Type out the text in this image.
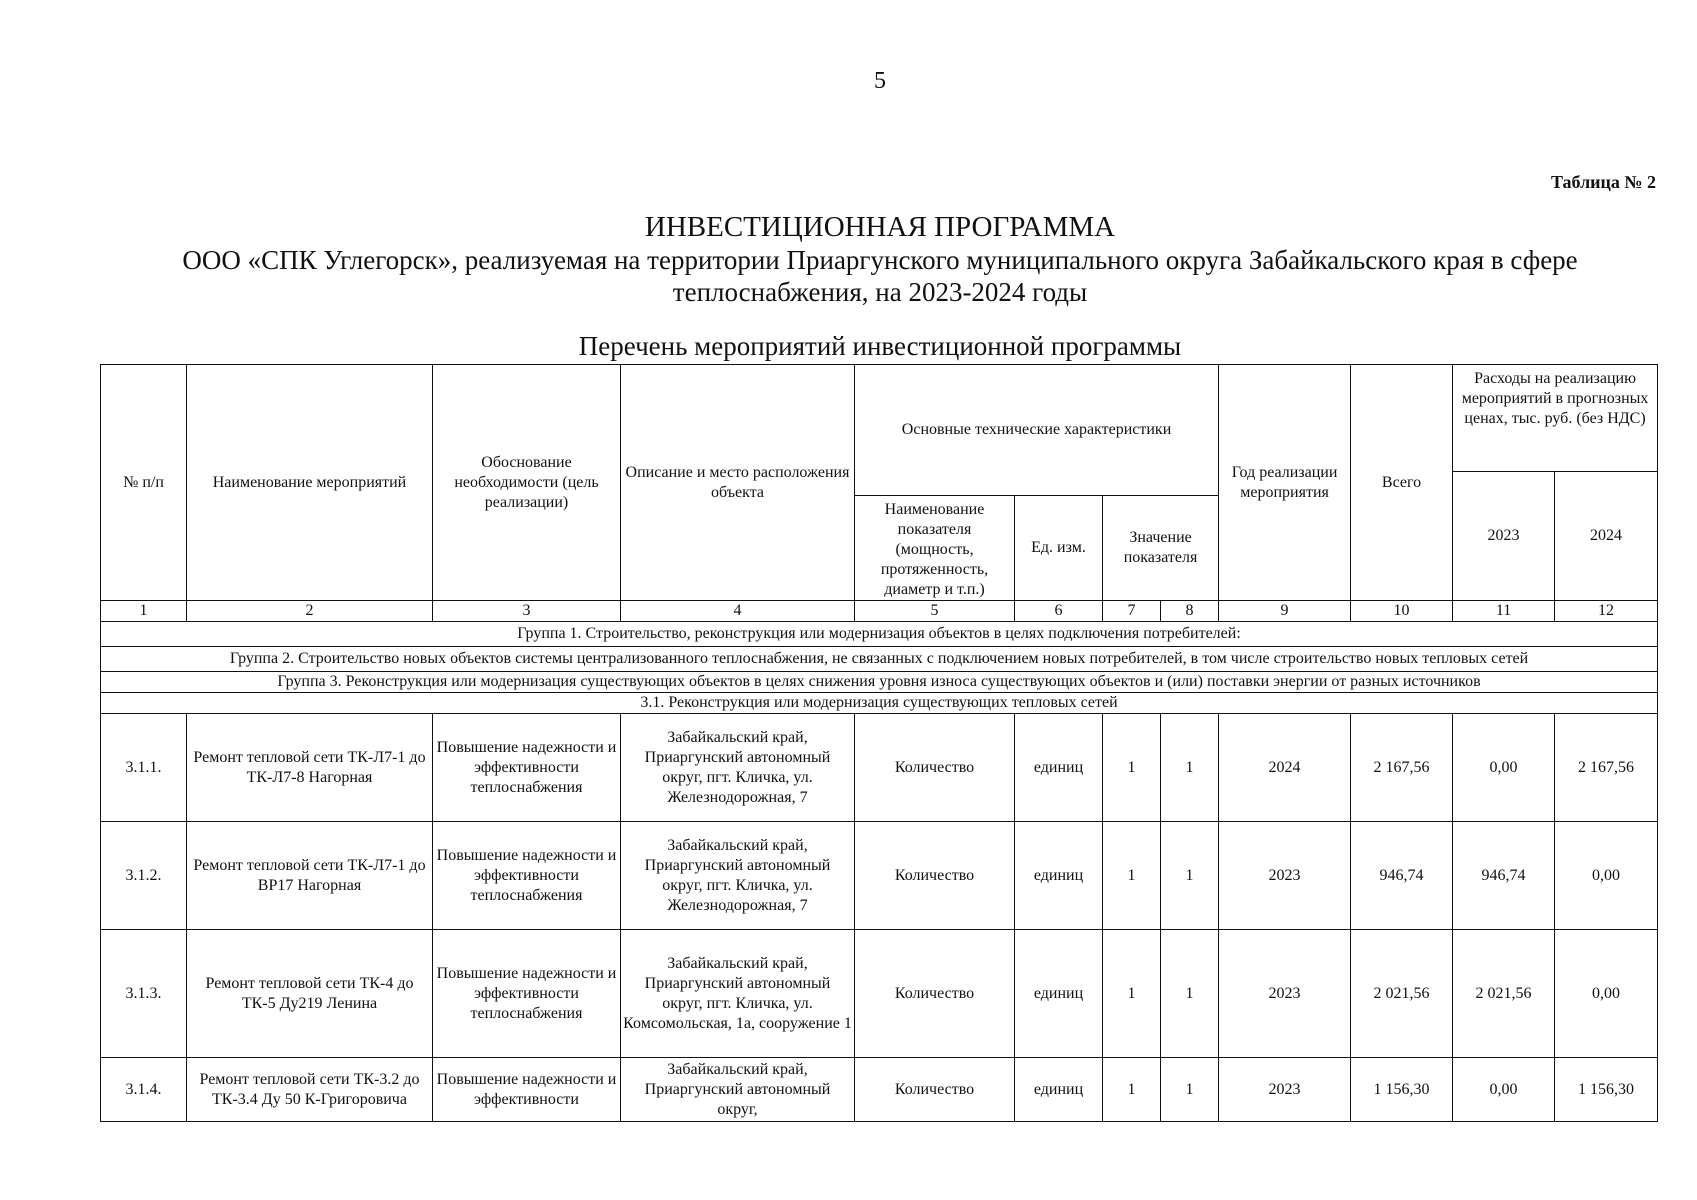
5
Таблица № 2
ИНВЕСТИЦИОННАЯ ПРОГРАММА
ООО «СПК Углегорск», реализуемая на территории Приаргунского муниципального округа Забайкальского края в сфере теплоснабжения, на 2023-2024 годы
Перечень мероприятий инвестиционной программы
№ п/п	Наименование мероприятий	Обоснование необходимости (цель реализации)	Описание и место расположения объекта	Основные технические характеристики				Год реализации мероприятия	Всего	Расходы на реализацию мероприятий в прогнозных ценах, тыс. руб. (без НДС)	
										2023	2024
				Наименование показателя (мощность, протяженность, диаметр и т.п.)	Ед. изм.	Значение показателя					
1	2	3	4	5	6	7	8	9	10	11	12
Группа 1. Строительство, реконструкция или модернизация объектов в целях подключения потребителей:											
Группа 2. Строительство новых объектов системы централизованного теплоснабжения, не связанных с подключением новых потребителей, в том числе строительство новых тепловых сетей											
Группа 3. Реконструкция или модернизация существующих объектов в целях снижения уровня износа существующих объектов и (или) поставки энергии от разных источников											
3.1. Реконструкция или модернизация существующих тепловых сетей											
3.1.1.	Ремонт тепловой сети ТК-Л7-1 до ТК-Л7-8 Нагорная	Повышение надежности и эффективности теплоснабжения	Забайкальский край, Приаргунский автономный округ, пгт. Кличка, ул. Железнодорожная, 7	Количество	единиц	1	1	2024	2 167,56	0,00	2 167,56
3.1.2.	Ремонт тепловой сети ТК-Л7-1 до ВР17 Нагорная	Повышение надежности и эффективности теплоснабжения	Забайкальский край, Приаргунский автономный округ, пгт. Кличка, ул. Железнодорожная, 7	Количество	единиц	1	1	2023	946,74	946,74	0,00
3.1.3.	Ремонт тепловой сети ТК-4 до ТК-5 Ду219 Ленина	Повышение надежности и эффективности теплоснабжения	Забайкальский край, Приаргунский автономный округ, пгт. Кличка, ул. Комсомольская, 1а, сооружение 1	Количество	единиц	1	1	2023	2 021,56	2 021,56	0,00
3.1.4.	Ремонт тепловой сети ТК-3.2 до ТК-3.4 Ду 50 К-Григоровича	Повышение надежности и эффективности	Забайкальский край, Приаргунский автономный округ,	Количество	единиц	1	1	2023	1 156,30	0,00	1 156,30
